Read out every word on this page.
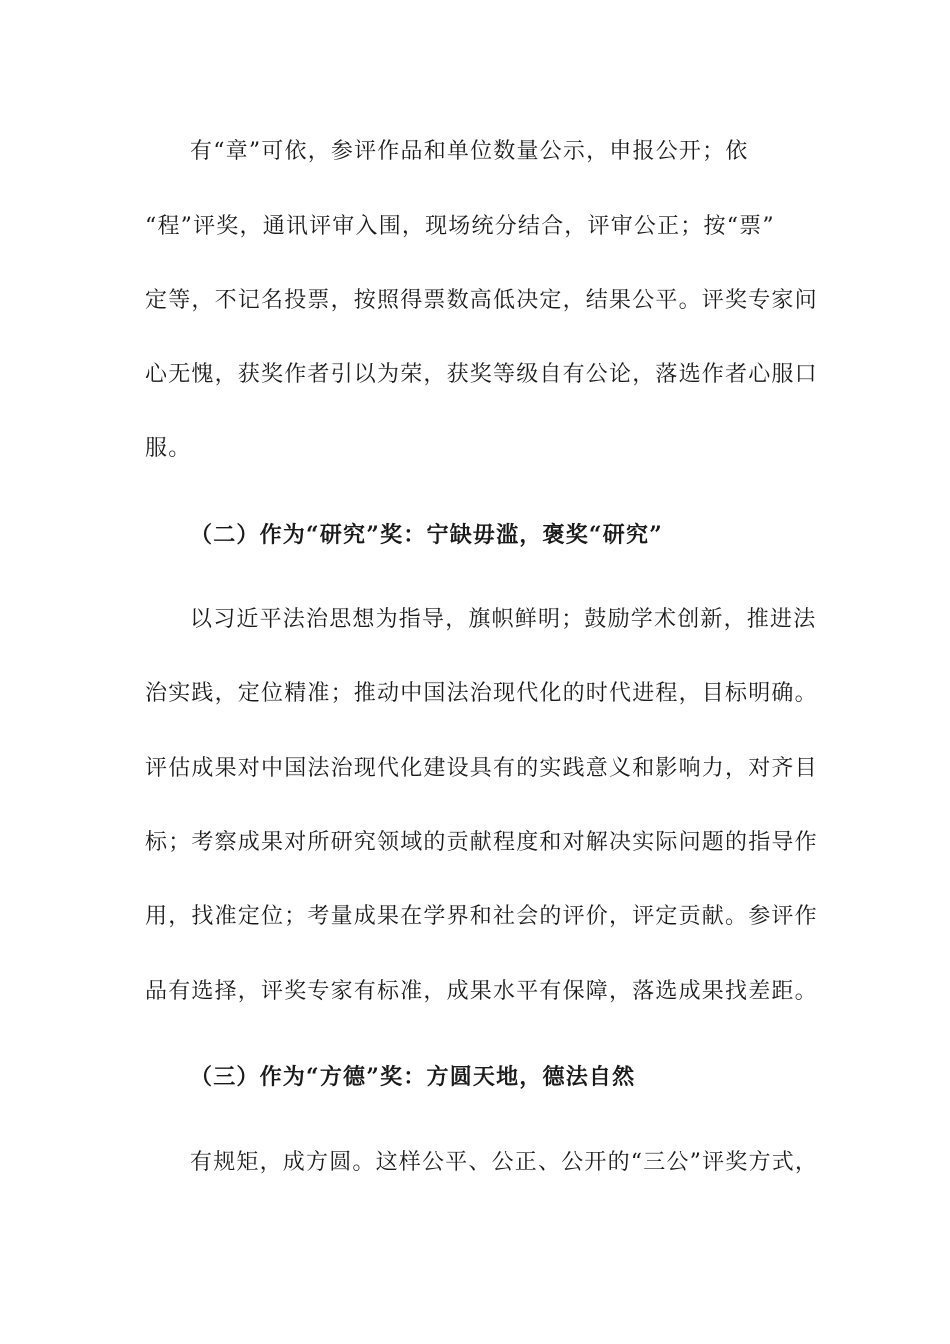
有“章”可依，参评作品和单位数量公示，申报公开；依
“程”评奖，通讯评审入围，现场统分结合，评审公正；按“票”
定等，不记名投票，按照得票数高低决定，结果公平。评奖专家问
心无愧，获奖作者引以为荣，获奖等级自有公论，落选作者心服口
服。
（二）作为“研究”奖：宁缺毋滥，褒奖“研究”
以习近平法治思想为指导，旗帜鲜明；鼓励学术创新，推进法
治实践，定位精准；推动中国法治现代化的时代进程，目标明确。
评估成果对中国法治现代化建设具有的实践意义和影响力，对齐目
标；考察成果对所研究领域的贡献程度和对解决实际问题的指导作
用，找准定位；考量成果在学界和社会的评价，评定贡献。参评作
品有选择，评奖专家有标准，成果水平有保障，落选成果找差距。
（三）作为“方德”奖：方圆天地，德法自然
有规矩，成方圆。这样公平、公正、公开的“三公”评奖方式，
